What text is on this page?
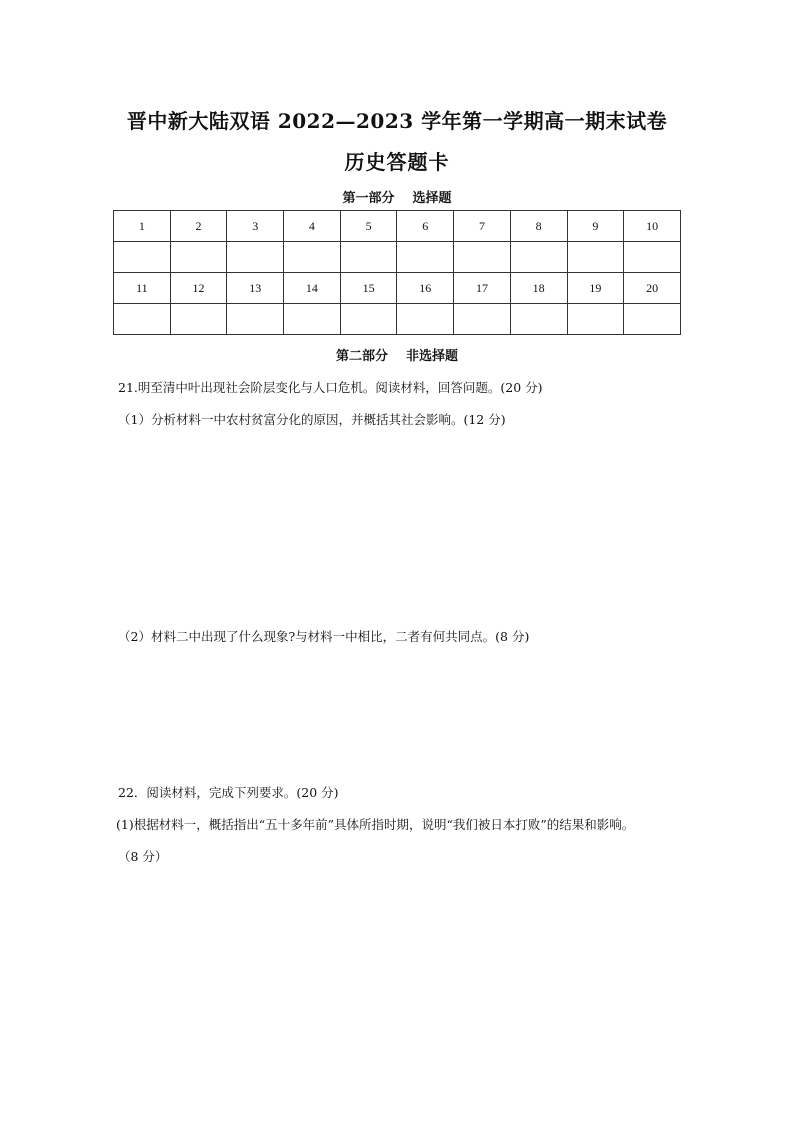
晋中新大陆双语 2022—2023 学年第一学期高一期末试卷
历史答题卡
第一部分 选择题
1	2	3	4	5	6	7	8	9	10

11	12	13	14	15	16	17	18	19	20

第二部分 非选择题
21.明至清中叶出现社会阶层变化与人口危机。阅读材料，回答问题。(20 分)
（1）分析材料一中农村贫富分化的原因，并概括其社会影响。(12 分)
（2）材料二中出现了什么现象?与材料一中相比，二者有何共同点。(8 分)
22．阅读材料，完成下列要求。(20 分)
(1)根据材料一，概括指出“五十多年前”具体所指时期，说明“我们被日本打败”的结果和影响。
（8 分）
